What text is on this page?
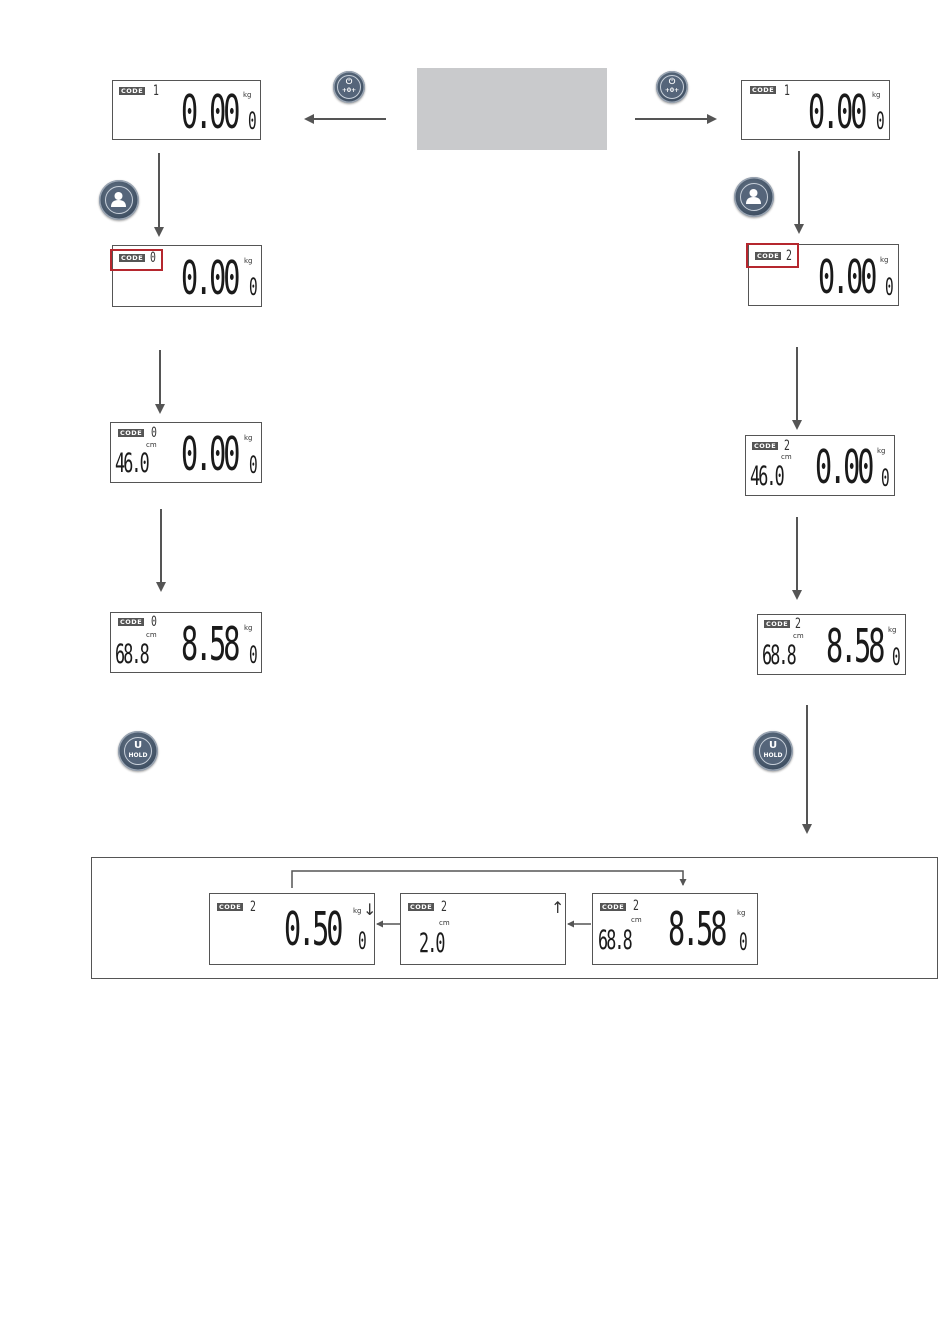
⏻
+0+
⏻
+0+
U
HOLD
U
HOLD
CODE 1 0.00 kg
0
CODE 0 0.00 kg
0
CODE 0
cm
46.0 0.00 kg
0
CODE 0
cm
68.8 8.58 kg
0
CODE 1 0.00 kg
0
CODE 2 0.00 kg
0
CODE 2
cm
46.0 0.00 kg
0
CODE 2
cm
68.8 8.58 kg
0
CODE 2 0.50 kg ↓
0
CODE 2
cm
2.0
↑	CODE 2
cm
68.8 8.58 kg
0
